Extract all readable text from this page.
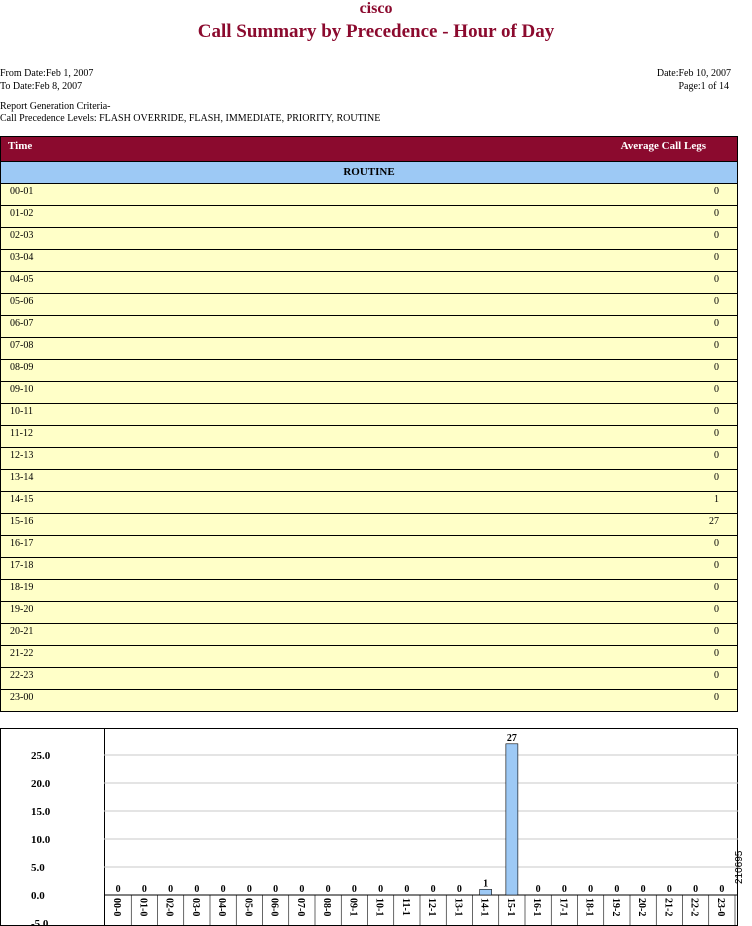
cisco
Call Summary by Precedence - Hour of Day
From Date:Feb 1, 2007
To Date:Feb 8, 2007
Date:Feb 10, 2007
Page:1 of 14
Report Generation Criteria-
Call Precedence Levels: FLASH OVERRIDE, FLASH, IMMEDIATE, PRIORITY, ROUTINE
Time	Average Call Legs
ROUTINE
00-01	0
01-02	0
02-03	0
03-04	0
04-05	0
05-06	0
06-07	0
07-08	0
08-09	0
09-10	0
10-11	0
11-12	0
12-13	0
13-14	0
14-15	1
15-16	27
16-17	0
17-18	0
18-19	0
19-20	0
20-21	0
21-22	0
22-23	0
23-00	0
25.0
20.0
15.0
10.0
5.0
0.0
-5.0
0 0 0 0 0 0 0 0 0 0 0 0 0 0
1
27
0 0 0 0 0 0 0 0
00-0 01-0 02-0 03-0 04-0 05-0 06-0 07-0 08-0 09-1 10-1 11-1 12-1 13-1 14-1 15-1 16-1 17-1 18-1 19-2 20-2 21-2 22-2 23-0
210695
